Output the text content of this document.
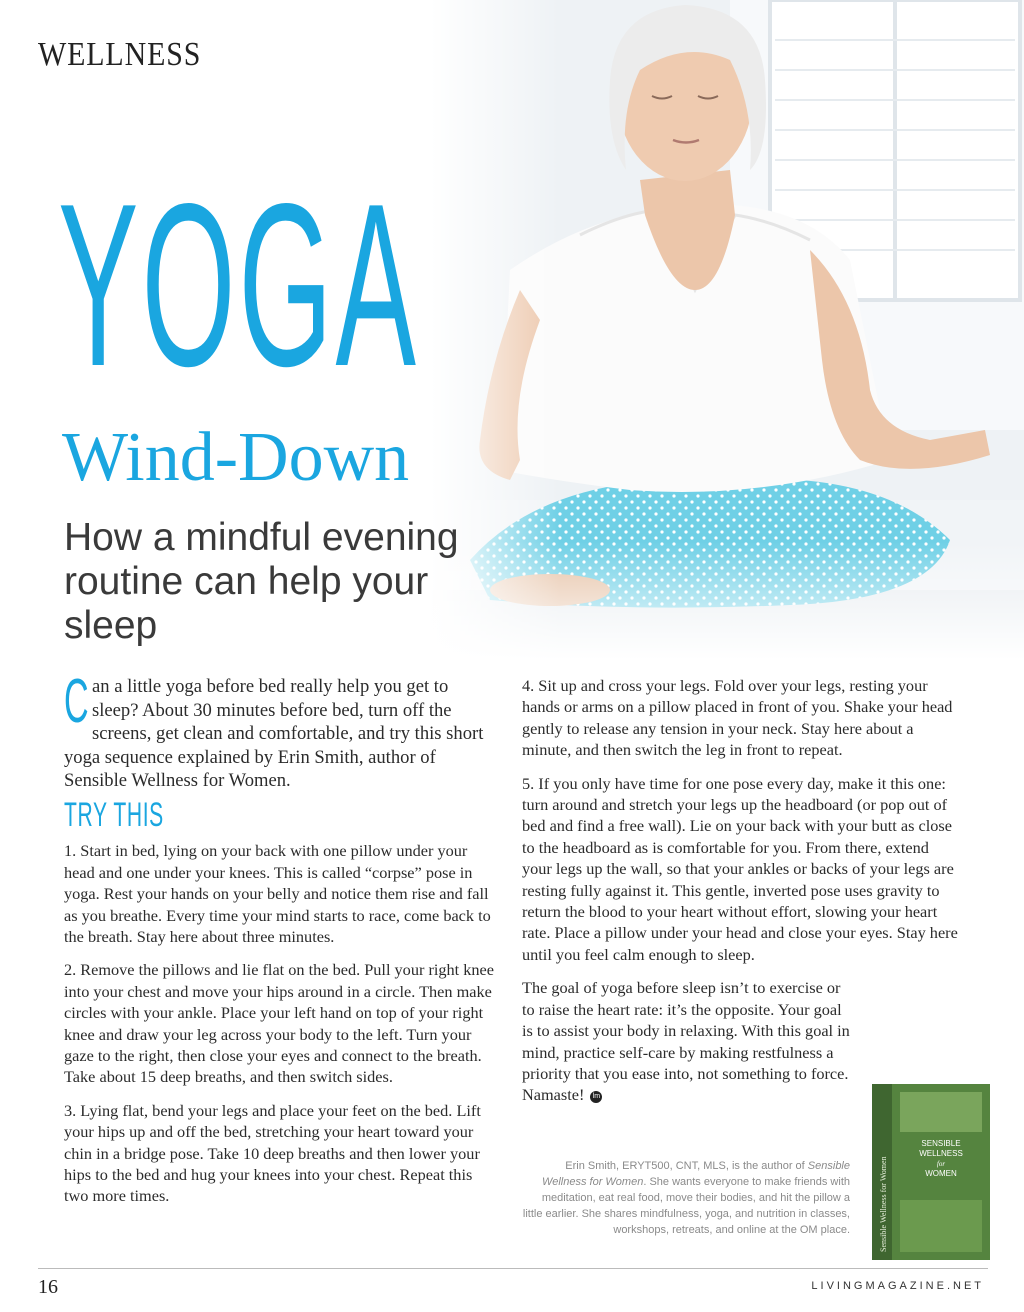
WELLNESS
YOGA
Wind-Down
How a mindful evening routine can help your sleep

Can a little yoga before bed really help you get to sleep? About 30 minutes before bed, turn off the screens, get clean and comfortable, and try this short yoga sequence explained by Erin Smith, author of Sensible Wellness for Women.

TRY THIS

1. Start in bed, lying on your back with one pillow under your head and one under your knees. This is called “corpse” pose in yoga. Rest your hands on your belly and notice them rise and fall as you breathe. Every time your mind starts to race, come back to the breath. Stay here about three minutes.

2. Remove the pillows and lie flat on the bed. Pull your right knee into your chest and move your hips around in a circle. Then make circles with your ankle. Place your left hand on top of your right knee and draw your leg across your body to the left. Turn your gaze to the right, then close your eyes and connect to the breath. Take about 15 deep breaths, and then switch sides.

3. Lying flat, bend your legs and place your feet on the bed. Lift your hips up and off the bed, stretching your heart toward your chin in a bridge pose. Take 10 deep breaths and then lower your hips to the bed and hug your knees into your chest. Repeat this two more times.

4. Sit up and cross your legs. Fold over your legs, resting your hands or arms on a pillow placed in front of you. Shake your head gently to release any tension in your neck. Stay here about a minute, and then switch the leg in front to repeat.

5. If you only have time for one pose every day, make it this one: turn around and stretch your legs up the headboard (or pop out of bed and find a free wall). Lie on your back with your butt as close to the headboard as is comfortable for you. From there, extend your legs up the wall, so that your ankles or backs of your legs are resting fully against it. This gentle, inverted pose uses gravity to return the blood to your heart without effort, slowing your heart rate. Place a pillow under your head and close your eyes. Stay here until you feel calm enough to sleep.

The goal of yoga before sleep isn’t to exercise or to raise the heart rate: it’s the opposite. Your goal is to assist your body in relaxing. With this goal in mind, practice self-care by making restfulness a priority that you ease into, not something to force. Namaste! lm

Erin Smith, ERYT500, CNT, MLS, is the author of Sensible Wellness for Women. She wants everyone to make friends with meditation, eat real food, move their bodies, and hit the pillow a little earlier. She shares mindfulness, yoga, and nutrition in classes, workshops, retreats, and online at the OM place.	Sensible Wellness for Women
SENSIBLE
WELLNESS
for
WOMEN
16	LIVINGMAGAZINE.NET
